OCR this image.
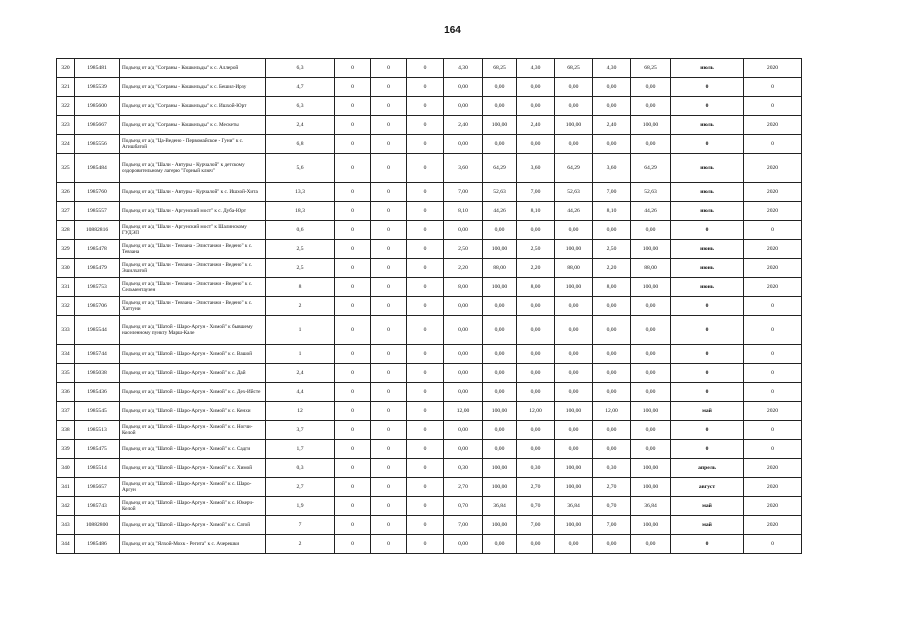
164
320	1985481	Подъезд от а/д "Сограны - Кошкельды" к с. Аллерой	6,3	0	0	0	4,30	68,25	4,30	68,25	4,30	68,25	июль	2020
321	1985539	Подъезд от а/д "Сограны - Кошкельды" к с. Бешил-Ирзу	4,7	0	0	0	0,00	0,00	0,00	0,00	0,00	0,00	0	0
322	1985600	Подъезд от а/д "Сограны - Кошкельды" к с. Ишхой-Юрт	6,3	0	0	0	0,00	0,00	0,00	0,00	0,00	0,00	0	0
323	1985667	Подъезд от а/д "Сограны - Кошкельды" к с. Мескеты	2,4	0	0	0	2,40	100,00	2,40	100,00	2,40	100,00	июль	2020
324	1985556	Подъезд от а/д "Ца-Ведено - Первомайское - Гуни" к с. Агишбатой	6,8	0	0	0	0,00	0,00	0,00	0,00	0,00	0,00	0	0
325	1985484	Подъезд от а/д "Шали - Автуры - Курчалой" к детскому оздоровительному лагерю "Горный ключ"	5,6	0	0	0	3,60	64,29	3,60	64,29	3,60	64,29	июль	2020
326	1985760	Подъезд от а/д "Шали - Автуры - Курчалой" к с. Ишхой-Хита	13,3	0	0	0	7,00	52,63	7,00	52,63	7,00	52,63	июль	2020
327	1985557	Подъезд от а/д "Шали - Аргунский мост" к с. Дуба-Юрт	18,3	0	0	0	8,10	44,26	8,10	44,26	8,10	44,26	июль	2020
328	10882816	Подъезд от а/д "Шали - Аргунский мост" к Шалинскому ГУДЭП	0,6	0	0	0	0,00	0,00	0,00	0,00	0,00	0,00	0	0
329	1985478	Подъезд от а/д "Шали - Тевзана - Элистанжи - Ведено" к с. Тевзана	2,5	0	0	0	2,50	100,00	2,50	100,00	2,50	100,00	июнь	2020
330	1985479	Подъезд от а/д "Шали - Тевзана - Элистанжи - Ведено" к с. Эшилхатой	2,5	0	0	0	2,20	88,00	2,20	88,00	2,20	88,00	июнь	2020
331	1985753	Подъезд от а/д "Шали - Тевзана - Элистанжи - Ведено" к с. Сельментаузен	8	0	0	0	8,00	100,00	8,00	100,00	8,00	100,00	июнь	2020
332	1985706	Подъезд от а/д "Шали - Тевзана - Элистанжи - Ведено" к с. Хаттуни	2	0	0	0	0,00	0,00	0,00	0,00	0,00	0,00	0	0
333	1985544	Подъезд от а/д "Шатой - Шаро-Аргун - Химой" к бывшему населенному пункту Марш-Кале	1	0	0	0	0,00	0,00	0,00	0,00	0,00	0,00	0	0
334	1985744	Подъезд от а/д "Шатой - Шаро-Аргун - Химой" к с. Вашой	1	0	0	0	0,00	0,00	0,00	0,00	0,00	0,00	0	0
335	1985038	Подъезд от а/д "Шатой - Шаро-Аргун - Химой" к с. Дай	2,4	0	0	0	0,00	0,00	0,00	0,00	0,00	0,00	0	0
336	1985436	Подъезд от а/д "Шатой - Шаро-Аргун - Химой" к с. Дех-Ийсте	4,4	0	0	0	0,00	0,00	0,00	0,00	0,00	0,00	0	0
337	1985545	Подъезд от а/д "Шатой - Шаро-Аргун - Химой" к с. Кенхи	12	0	0	0	12,00	100,00	12,00	100,00	12,00	100,00	май	2020
338	1985513	Подъезд от а/д "Шатой - Шаро-Аргун - Химой" к с. Ногчи-Келой	3,7	0	0	0	0,00	0,00	0,00	0,00	0,00	0,00	0	0
339	1985475	Подъезд от а/д "Шатой - Шаро-Аргун - Химой" к с. Садги	1,7	0	0	0	0,00	0,00	0,00	0,00	0,00	0,00	0	0
340	1985514	Подъезд от а/д "Шатой - Шаро-Аргун - Химой" к с. Химой	0,3	0	0	0	0,30	100,00	0,30	100,00	0,30	100,00	апрель	2020
341	1985657	Подъезд от а/д "Шатой - Шаро-Аргун - Химой" к с. Шаро-Аргун	2,7	0	0	0	2,70	100,00	2,70	100,00	2,70	100,00	август	2020
342	1985743	Подъезд от а/д "Шатой - Шаро-Аргун - Химой" к с. Юкерч-Келой	1,9	0	0	0	0,70	36,84	0,70	36,84	0,70	36,84	май	2020
343	10882800	Подъезд от а/д "Шатой - Шаро-Аргун - Химой" к с. Сатой	7	0	0	0	7,00	100,00	7,00	100,00	7,00	100,00	май	2020
344	1985486	Подъезд от а/д "Ялхой-Мохк - Регита" к с. Ачерешки	2	0	0	0	0,00	0,00	0,00	0,00	0,00	0,00	0	0
